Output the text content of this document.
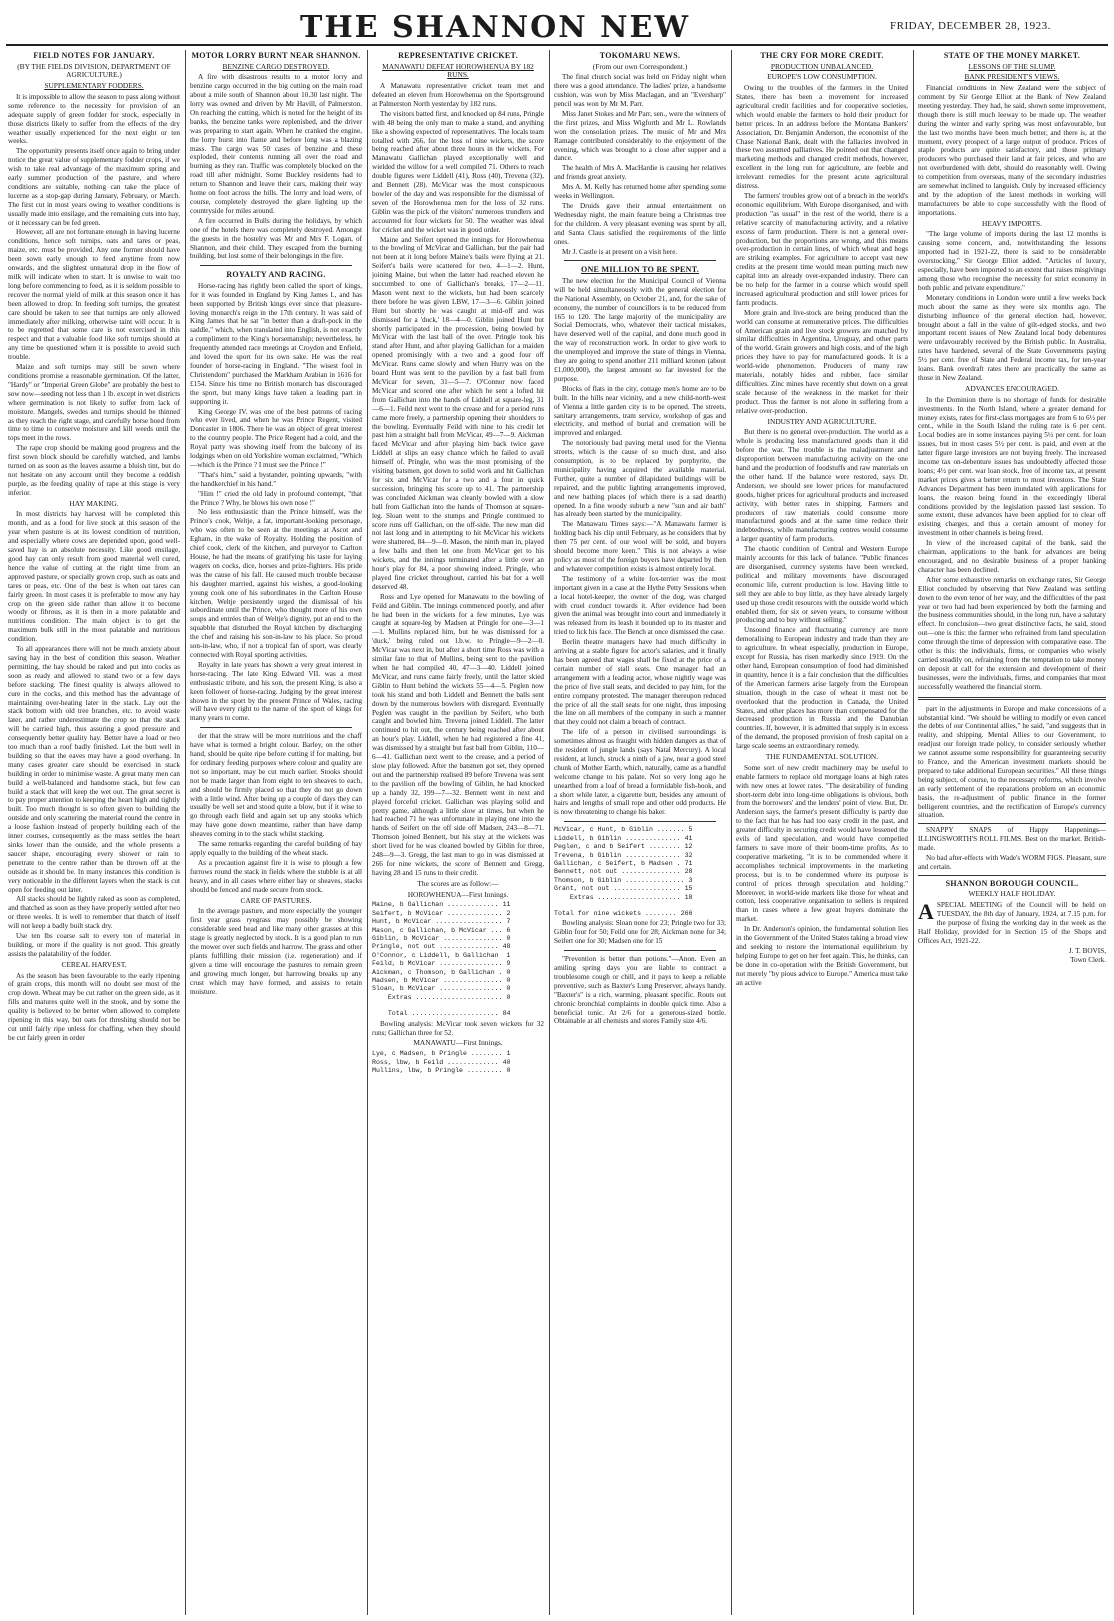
THE SHANNON NEW	FRIDAY, DECEMBER 28, 1923.
FIELD NOTES FOR JANUARY.
(BY THE FIELDS DIVISION, DEPARTMENT OF AGRICULTURE.)
SUPPLEMENTARY FODDERS.

It is impossible to allow the season to pass along without some reference to the necessity for provision of an adequate supply of green fodder for stock, especially in those districts likely to suffer from the effects of the dry weather usually experienced for the next eight or ten weeks.

The opportunity presents itself once again to bring under notice the great value of supplementary fodder crops, if we wish to take real advantage of the maximum spring and early summer production of the pasture, and where conditions are suitable, nothing can take the place of lucerne as a stop-gap during January, February, or March. The first cut in most years owing to weather conditions is usually made into ensilage, and the remaining cuts into hay, or it necessary can be fed green.

However, all are not fortunate enough in having lucerne conditions, hence soft turnips, oats and tares or peas, maize, etc. must be provided. Any one former should have been sown early enough to feed anytime from now onwards, and the slightest unnatural drop in the flow of milk will indicate when to start. It is unwise to wait too long before commencing to feed, as it is seldom possible to recover the normal yield of milk at this season once it has been allowed to drop. In feeding soft turnips, the greatest care should be taken to see that turnips are only allowed immediately after milking, otherwise taint will occur. It is to be regretted that some care is not exercised in this respect and that a valuable food like soft turnips should at any time be questioned when it is possible to avoid such trouble.

Maize and soft turnips may still be sown where conditions promise a reasonable germination. Of the latter, "Hardy" or "Imperial Green Globe" are probably the best to sow now—seeding not less than 1 lb. except in wet districts where germination is not likely to suffer from lack of moisture. Mangels, swedes and turnips should be thinned as they reach the right stage, and carefully horse hoed from time to time to conserve moisture and kill weeds until the tops meet in the rows.

The rape crop should be making good progress and the first sown block should be carefully watched, and lambs turned on as soon as the leaves assume a bluish tint, but do not hesitate on any account until they become a reddish purple, as the feeding quality of rape at this stage is very inferior.

HAY MAKING.

In most districts hay harvest will be completed this month, and as a food for live stock at this season of the year when pasture is at its lowest condition of nutrition, and especially where cows are depended upon, good well-saved hay is an absolute necessity. Like good ensilage, good hay can only result from good material well cured, hence the value of cutting at the right time from an approved pasture, or specially grown crop, such as oats and tares or peas, etc. One of the best is when oat tares can fairly green. In most cases it is preferable to mow any hay crop on the green side rather than allow it to become woody or fibrous, as it is then in a more palatable and nutritious condition. The main object is to get the maximum bulk still in the most palatable and nutritious condition.

To all appearances there will not be much anxiety about saving hay in the best of condition this season. Weather permitting, the hay should be raked and put into cocks as soon as ready and allowed to stand two or a few days before stacking. The finest quality is always allowed to cure in the cocks, and this method has the advantage of maintaining over-heating later in the stack. Lay out the stack bottom with old tree branches, etc. to avoid waste later, and rather underestimate the crop so that the stack will be carried high, thus assuring a good pressure and consequently better quality hay. Better have a load or two too much than a roof badly finished. Let the butt well in building so that the eaves may have a good overhang. In many cases greater care should be exercised in stack building in order to minimise waste. A great many men can build a well-balanced and handsome stack, but few can build a stack that will keep the wet out. The great secret is to pay proper attention to keeping the heart high and tightly built. Too much thought is so often given to building the outside and only scattering the material round the centre in a loose fashion instead of properly building each of the inner courses, consequently as the mass settles the heart sinks lower than the outside, and the whole presents a saucer shape, encouraging every shower or rain to penetrate to the centre rather than be thrown off at the outside as it should be. In many instances this condition is very noticeable in the different layers when the stack is cut open for feeding out later.

All stacks should be lightly raked as soon as completed, and thatched as soon as they have properly settled after two or three weeks. It is well to remember that thatch of itself will not keep a badly built stack dry.

Use ten lbs coarse salt to every ton of material in building, or more if the quality is not good. This greatly assists the palatability of the fodder.

CEREAL HARVEST.

As the season has been favourable to the early ripening of grain crops, this month will no doubt see most of the crop down. Wheat may be cut rather on the green side, as it fills and matures quite well in the stook, and by some the quality is believed to be better when allowed to complete ripening in this way, but oats for threshing should not be cut until fairly ripe unless for chaffing, when they should be cut fairly green in order

MOTOR LORRY BURNT NEAR SHANNON.
BENZINE CARGO DESTROYED.

A fire with disastrous results to a motor lorry and benzine cargo occurred in the big cutting on the main road about a mile south of Shannon about 10.30 last night. The lorry was owned and driven by Mr Havill, of Palmerston. On reaching the cutting, which is noted for the height of its banks, the benzine tanks were replenished, and the driver was preparing to start again. When he cranked the engine, the lorry burst into flame and before long was a blazing mass. The cargo was 50 cases of benzine and these exploded, their contents running all over the road and burning as they ran. Traffic was completely blocked on the road till after midnight. Some Buckley residents had to return to Shannon and leave their cars, making their way home on foot across the hills. The lorry and load were, of course, completely destroyed the glare lighting up the countryside for miles around.

A fire occurred in Bulls during the holidays, by which one of the hotels there was completely destroyed. Amongst the guests in the hostelry was Mr and Mrs F. Logan, of Shannon, and their child. They escaped from the burning building, but lost some of their belongings in the fire.

ROYALTY AND RACING.

Horse-racing has rightly been called the sport of kings, for it was founded in England by King James I., and has been supported by British kings ever since that pleasure-loving monarch's reign in the 17th century. It was said of King James that he sat "in better than a draft-pock in the saddle," which, when translated into English, is not exactly a compliment to the King's horsemanship; nevertheless, he frequently attended race meetings at Croydon and Enfield, and loved the sport for its own sake. He was the real founder of horse-racing in England. "The wisest fool in Christendom" purchased the Markham Arabian in 1616 for £154. Since his time no British monarch has discouraged the sport, but many kings have taken a leading part in supporting it.

King George IV. was one of the best patrons of racing who ever lived, and when he was Prince Regent, visited Doncaster in 1806. There he was an object of great interest to the country people. The Price Regent had a cold, and the Royal party was showing itself from the balcony of its lodgings when on old Yorkshire woman exclaimed, "Which—which is the Prince ? I must see the Prince !"

"That's him," said a bystander, pointing upwards, "with the handkerchief in his hand."

"Him !" cried the old lady in profound contempt, "that the Prince ? Why, he blows his own nose !"

No less enthusiastic than the Prince himself, was the Prince's cook, Weltje, a fat, important-looking personage, who was often to be seen at the meetings at Ascot and Egham, in the wake of Royalty. Holding the position of chief cook, clerk of the kitchen, and purveyor to Carlton House, he had the means of gratifying his taste for laying wagers on cocks, dice, horses and prize-fighters. His pride was the cause of his fall. He caused much trouble because his daughter married, against his wishes, a good-looking young cook one of his subordinates in the Carlton House kitchen. Weltje persistently urged the dismissal of his subordinate until the Prince, who thought more of his own soups and entrées than of Weltje's dignity, put an end to the squabble that disturbed the Royal kitchen by discharging the chef and raising his son-in-law to his place. So proud son-in-law, who, if not a tropical fan of sport, was clearly connected with Royal sporting activities.

Royalty in late years has shown a very great interest in horse-racing. The late King Edward VII. was a most enthusiastic tribute, and his son, the present King, is also a keen follower of horse-racing. Judging by the great interest shown in the sport by the present Prince of Wales, racing will have every right to the name of the sport of kings for many years to come.

der that the straw will be more nutritious and the chaff have what is termed a bright colour. Barley, on the other hand, should be quite ripe before cutting if for malting, but for ordinary feeding purposes where colour and quality are not so important, may be cut much earlier. Stooks should not be made larger than from eight to ten sheaves to each, and should be firmly placed so that they do not go down with a little wind. After being up a couple of days they can usually be well set and stood quite a blow, but if it wise to go through each field and again set up any stooks which may have gone down meantime, rather than have damp sheaves coming in to the stack whilst stacking.

The same remarks regarding the careful building of hay apply equally to the building of the wheat stack.

As a precaution against fire it is wise to plough a few furrows round the stack in fields where the stubble is at all heavy, and in all cases where either hay or sheaves, stacks should be fenced and made secure from stock.

CARE OF PASTURES.

In the average pasture, and more especially the younger first year grass ryegrass may possibly be showing considerable seed head and like many other grasses at this stage is greatly neglected by stock. It is a good plan to run the mower over such fields and harrow. The grass and other plants fulfilling their mission (i.e. regeneration) and if given a time will encourage the pastures to remain green and growing much longer, but harrowing breaks up any crust which may have formed, and assists to retain moisture.

REPRESENTATIVE CRICKET.
MANAWATU DEFEAT HOROWHENUA BY 182 RUNS.

A Manawatu representative cricket team met and defeated an eleven from Horowhenua on the Sportsground at Palmerston North yesterday by 182 runs.

The visitors batted first, and knocked up 84 runs, Pringle with 48 being the only man to make a stand, and anything like a showing expected of representatives. The locals team totalled with 266, for the loss of nine wickets, the score being reached after about three hours in the wickets. For Manawatu Gallichan played exceptionally well and wielded the willow for a well compiled 71. Others to reach double figures were Liddell (41), Ross (40), Trevena (32), and Bennett (28). McVicar was the most conspicuous bowler of the day and was responsible for the dismissal of seven of the Horowhenua men for the loss of 32 runs. Giblin was the pick of the visitors' numerous trundlers and accounted for four wickets for 50. The weather was ideal for cricket and the wicket was in good order.

Maine and Seifert opened the innings for Horowhenua to the bowling of McVicar and Gallichan, but the pair had not been at it long before Maine's bails were flying at 21. Seifert's bails were scattered for two. 4—1—2. Hunt, joining Maine, but when the latter had reached eleven he succumbed to one of Gallichan's breaks, 17—2—11. Mason went next to the wickets, but had been scarcely there before he was given LBW, 17—3—6. Giblin joined Hunt but shortly he was caught at mid-off and was dismissed for a 'duck,' 18—4—0. Giblin joined Hunt but shortly participated in the procession, being bowled by McVicar with the last ball of the over. Pringle took his stand after Hunt, and after playing Gallichan for a maiden opened promisingly with a two and a good four off McVicar. Runs came slowly and when Hurry was on the board Hunt was sent to the pavilion by a fast ball from McVicar for seven, 31—5—7. O'Connor now faced McVicar and scored one after which he sent a lofted hit from Gallichan into the hands of Liddell at square-leg, 31—6—1. Feild next went to the crease and for a period runs came more freely, a partnership opening their shoulders to the bowling. Eventually Feild with nine to his credit let past him a straight ball from McVicar, 49—7—9. Aickman faced McVicar and after playing him back twice gave Liddell at slips an easy chance which he failed to avail himself of. Pringle, who was the most promising of the visiting batsmen, got down to solid work and hit Gallichan for six and McVicar for a two and a four in quick succession, bringing his score up to 41. The partnership was concluded Aickman was cleanly bowled with a slow ball from Gallichan into the hands of Thomson at square-leg. Sloan went to the stumps and Pringle continued to score runs off Gallichan, on the off-side. The new man did not last long and in attempting to hit McVicar his wickets were shattered, 84—9—0. Mason, the ninth man in, played a few balls and then let one from McVicar get to his wickets, and the innings terminated after a little over an hour's play for 84, a poor showing indeed. Pringle, who played fine cricket throughout, carried his bat for a well deserved 48.

Ross and Lye opened for Manawatu to the bowling of Feild and Giblin. The innings commenced poorly, and after he had been in the wickets for a few minutes, Lye was caught at square-leg by Madsen at Pringle for one—3—1—1. Mullins replaced him, but he was dismissed for a 'duck,' being ruled out l.b.w. to Pringle—9—2—0. McVicar was next in, but after a short time Ross was with a similar fate to that of Mullins, being sent to the pavilion when he had compiled 40, 47—3—40. Liddell joined McVicar, and runs came fairly freely, until the latter skied Giblin to Hunt behind the wickets 55—4—5. Peglen now took his stand and both Liddell and Bennett the balls sent down by the numerous bowlers with disregard. Eventually Peglen was caught in the pavilion by Seifert, who both caught and bowled him. Trevena joined Liddell. The latter continued to hit out, the century being reached after about an hour's play. Liddell, when he had registered a fine 41, was dismissed by a straight but fast ball from Giblin, 110—6—41. Gallichan next went to the crease, and a period of slow play followed. After the batsmen got set, they opened out and the partnership realised 89 before Trevena was sent to the pavilion off the bowling of Giblin, he had knocked up a handy 32, 199—7—32. Bennett went in next and played forceful cricket. Gallichan was playing solid and pretty game, although a little slow at times, but when he had reached 71 he was unfortunate in playing one into the hands of Seifert on the off side off Madsen, 243—8—71. Thomson joined Bennett, but his stay at the wickets was short lived for he was cleaned bowled by Giblin for three, 248—9—3. Gregg, the last man to go in was dismissed at 266 for nine wickets, the score of Bennett and Gregg, having 28 and 15 runs to their credit.

The scores are as follow:—
HOROWHENUA—First Innings.
Maine, b Gallichan ............. 11
Seifert, b McVicar .............. 2
Hunt, b McVicar ................. 7
Mason, c Gallichan, b McVicar ... 6
Giblin, b McVicar ............... 0
Pringle, not out ............... 48
O'Connor, c Liddell, b Gallichan  1
Feild, b McVicar ................ 9
Aickman, c Thomson, b Gallichan . 0
Madsen, b McVicar ............... 0
Sloan, b McVicar ................ 0
Extras ...................... 0
Total ...................... 84

Bowling analysis: McVicar took seven wickets for 32 runs; Gallichan three for 52.

MANAWATU—First Innings.
Lye, c Madsen, b Pringle ........ 1
Ross, lbw, b Feild ............. 40
Mullins, lbw, b Pringle ......... 0
TOKOMARU NEWS.
(From our own Correspondent.)

The final church social was held on Friday night when there was a good attendance. The ladies' prize, a handsome cushion, was won by Miss Maclagan, and an "Eversharp" pencil was won by Mr M. Parr.

Miss Janet Stokes and Mr Parr, sen., were the winners of the first prizes, and Miss Wigforth and Mr L. Rowlands won the consolation prizes. The music of Mr and Mrs Ramage contributed considerably to the enjoyment of the evening, which was brought to a close after supper and a dance.

The health of Mrs A. MacHardie is causing her relatives and friends great anxiety.

Mrs A. M. Kelly has returned home after spending some weeks in Wellington.

The Druids gave their annual entertainment on Wednesday night, the main feature being a Christmas tree for the children. A very pleasant evening was spent by all, and Santa Claus satisfied the requirements of the little ones.

Mr J. Castle is at present on a visit here.

ONE MILLION TO BE SPENT.

The new election for the Municipal Council of Vienna will be held simultaneously with the general election for the National Assembly, on October 21, and, for the sake of economy, the number of councillors is to be reduced from 165 to 120. The large majority of the municipality are Social Democrats, who, whatever their tactical mistakes, have deserved well of the capital, and done much good in the way of reconstruction work. In order to give work to the unemployed and improve the state of things in Vienna, they are going to spend another 211 milliard kronen (about £1,000,000), the largest amount so far invested for the purpose.

Blocks of flats in the city, cottage men's home are to be built. In the hills near vicinity, and a new child-north-west of Vienna a little garden city is to be opened. The streets, sanitary arrangements, tram service, workshop of gas and electricity, and method of burial and cremation will be improved and enlarged.

The notoriously bad paving metal used for the Vienna streets, which is the cause of so much dust, and also consumption, is to be replaced by porphyrite, the municipality having acquired the available material. Further, quite a number of dilapidated buildings will be repaired, and the public lighting arrangements improved, and new bathing places (of which there is a sad dearth) opened. In a fine woody suburb a new "sun and air bath" has already been started by the municipality.

The Manawatu Times says:—"A Manawatu farmer is holding back his clip until February, as he considers that by then 75 per cent. of our wool will be sold, and buyers should become more keen." This is not always a wise policy as most of the foreign buyers have departed by then and whatever competition exists is almost entirely local.

The testimony of a white fox-terrier was the most important given in a case at the Hythe Petty Sessions when a local hotel-keeper, the owner of the dog, was charged with cruel conduct towards it. After evidence had been given the animal was brought into court and immediately it was released from its leash it bounded up to its master and tried to lick his face. The Bench at once dismissed the case.

Berlin theatre managers have had much difficulty in arriving at a stable figure for actor's salaries, and it finally has been agreed that wages shall be fixed at the price of a certain number of stall seats. One manager had an arrangement with a leading actor, whose nightly wage was the price of five stall seats, and decided to pay him, for the entire company protested. The manager thereupon reduced the price of all the stall seats for one night, thus imposing the line on all members of the company in such a manner that they could not claim a breach of contract.

The life of a person in civilised surroundings is sometimes almost as fraught with hidden dangers as that of the resident of jungle lands (says Natal Mercury). A local resident, at lunch, struck a ninth of a jaw, near a good steel chunk of Mother Earth, which, naturally, came as a handful welcome change to his palate. Not so very long ago he unearthed from a loaf of bread a formidable fish-hook, and a short while later, a cigarette butt, besides any amount of hairs and lengths of small rope and other odd products. He is now threatening to change his baker.

McVicar, c Hunt, b Giblin ....... 5
Liddell, b Giblin .............. 41
Peglen, c and b Seifert ........ 12
Trevena, b Giblin .............. 32
Gallichan, c Seifert, b Madsen . 71
Bennett, not out ............... 28
Thomson, b Giblin ............... 3
Grant, not out ................. 15
Extras ..................... 18
Total for nine wickets ........ 266

Bowling analysis: Sloan none for 23; Pringle two for 33; Giblin four for 50; Feild one for 28; Aickman none for 34; Seifert one for 30; Madsen one for 15

"Prevention is better than potions."—Anon. Even an amiling spring days you are liable to contract a troublesome cough or chill, and it pays to keep a reliable preventive, such as Baxter's Lung Preserver, always handy. "Baxter's" is a rich, warming, pleasant specific. Routs out chronic bronchial complaints in double quick time. Also a beneficial tonic. At 2/6 for a generous-sized bottle. Obtainable at all chemists and stores Family size 4/6.

THE CRY FOR MORE CREDIT.
PRODUCTION UNBALANCED.
EUROPE'S LOW CONSUMPTION.

Owing to the troubles of the farmers in the United States, there has been a movement for increased agricultural credit facilities and for cooperative societies, which would enable the farmers to hold their product for better prices. In an address before the Montana Bankers' Association, Dr. Benjamin Anderson, the economist of the Chase National Bank, dealt with the fallacies involved in these two assumed palliatives. He pointed out that changed marketing methods and changed credit methods, however, excellent in the long run for agriculture, are feeble and irrelevant remedies for the present acute agricultural distress.

The farmers' troubles grow out of a breach in the world's economic equilibrium. With Europe disorganised, and with production "as usual" in the rest of the world, there is a relative scarcity of manufacturing activity, and a relative excess of farm production. There is not a general over-production, but the proportions are wrong, and this means over-production in certain lines, of which wheat and hogs are striking examples. For agriculture to accept vast new credits at the present time would mean putting much new capital into an already over-expanded industry. There can be no help for the farmer in a course which would spell increased agricultural production and still lower prices for farm products.

More grain and live-stock are being produced than the world can consume at remunerative prices. The difficulties of American grain and live stock growers are matched by similar difficulties in Argentina, Uruguay, and other parts of the world. Grain growers and high costs, and of the high prices they have to pay for manufactured goods. It is a world-wide phenomenon. Producers of many raw materials, notably hides and rubber, face similar difficulties. Zinc mines have recently shut down on a great scale because of the weakness in the market for their product. Thus the farmer is not alone in suffering from a relative over-production.

INDUSTRY AND AGRICULTURE.

But there is no general over-production. The world as a whole is producing less manufactured goods than it did before the war. The trouble is the maladjustment and disproportion between manufacturing activity on the one hand and the production of foodstuffs and raw materials on the other hand. If the balance were restored, says Dr. Anderson, we should see lower prices for manufactured goods, higher prices for agricultural products and increased activity, with better rates in shipping. Farmers and producers of raw materials could consume more manufactured goods and at the same time reduce their indebtedness, while manufacturing centres would consume a larger quantity of farm products.

The chaotic condition of Central and Western Europe mainly accounts for this lack of balance. "Public finances are disorganised, currency systems have been wrecked, political and military movements have discouraged economic life, current production is low. Having little to sell they are able to buy little, as they have already largely used up those credit resources with the outside world which enabled them, for six or seven years, to consume without producing and to buy without selling."

Unsound finance and fluctuating currency are more demoralising to European industry and trade than they are to agriculture. In wheat especially, production in Europe, except for Russia, has risen markedly since 1919. On the other hand, European consumption of food had diminished in quantity, hence it is a fair conclusion that the difficulties of the American farmers arise largely from the European situation, though in the case of wheat it must not be overlooked that the production in Canada, the United States, and other places has more than compensated for the decreased production in Russia and the Danubian countries. If, however, it is admitted that supply is in excess of the demand, the proposed provision of fresh capital on a large scale seems an extraordinary remedy.

THE FUNDAMENTAL SOLUTION.

Some sort of new credit machinery may be useful to enable farmers to replace old mortgage loans at high rates with new ones at lower rates. "The desirability of funding short-term debt into long-time obligations is obvious, both from the borrowers' and the lenders' point of view. But, Dr. Anderson says, the farmer's present difficulty is partly due to the fact that he has had too easy credit in the past, and greater difficulty in securing credit would have lessened the evils of land speculation, and would have compelled farmers to save more of their boom-time profits. As to cooperative marketing, "it is to be commended where it accomplishes technical improvements in the marketing process, but is to be condemned where its purpose is control of prices through speculation and holding." Moreover, in world-wide markets like those for wheat and cotton, less cooperative organisation to sellers is required than in cases where a few great buyers dominate the market.

In Dr. Anderson's opinion, the fundamental solution lies in the Government of the United States taking a broad view and seeking to restore the international equilibrium by helping Europe to get on her feet again. This, he thinks, can be done in co-operation with the British Government, but not merely "by pious advice to Europe." America must take an active

STATE OF THE MONEY MARKET.
LESSONS OF THE SLUMP.
BANK PRESIDENT'S VIEWS.

Financial conditions in New Zealand were the subject of comment by Sir George Elliot at the Bank of New Zealand meeting yesterday. They had, he said, shown some improvement, though there is still much leeway to be made up. The weather during the winter and early spring was most unfavourable, but the last two months have been much better, and there is, at the moment, every prospect of a large output of produce. Prices of staple products are quite satisfactory, and those primary producers who purchased their land at fair prices, and who are not overburdened with debt, should do reasonably well. Owing to competition from overseas, many of the secondary industries are somewhat inclined to languish. Only by increased efficiency and by the adoption of the latest methods in working will manufacturers be able to cope successfully with the flood of importations.

HEAVY IMPORTS.

"The large volume of imports during the last 12 months is causing some concern, and, notwithstanding the lessons imported had in 1921-22, there is said to be considerable overstocking," Sir George Elliot added. "Articles of luxury, especially, have been imported to an extent that raises misgivings among those who recognise the necessity for strict economy in both public and private expenditure."

Monetary conditions in London were until a few weeks back much about the same as they were six months ago. The disturbing influence of the general election had, however, brought about a fall in the value of gilt-edged stocks, and two important recent issues of New Zealand local body debentures were unfavourably received by the British public. In Australia, rates have hardened, several of the State Governments paying 5½ per cent. free of State and Federal income tax, for ten-year loans. Bank overdraft rates there are practically the same as those in New Zealand.

ADVANCES ENCOURAGED.

In the Dominion there is no shortage of funds for desirable investments. In the North Island, where a greater demand for money exists, rates for first-class mortgages are from 6 to 6½ per cent., while in the South Island the ruling rate is 6 per cent. Local bodies are in some instances paying 5½ per cent. for loan issues, but in most cases 5½ per cent. is paid, and even at the latter figure large investors are not buying freely. The increased income tax on-debenture issues has undoubtedly affected those loans; 4½ per cent. war loan stock, free of income tax, at present market prices gives a better return to most investors. The State Advances Department has been inundated with applications for loans, the reason being found in the exceedingly liberal conditions provided by the legislation passed last session. To some extent, these advances have been applied for to clear off existing charges, and thus a certain amount of money for investment in other channels is being freed.

In view of the increased capital of the bank, said the chairman, applications to the bank for advances are being encouraged, and no desirable business of a proper banking character has been declined.

After some exhaustive remarks on exchange rates, Sir George Elliot concluded by observing that New Zealand was settling down to the even tenor of her way, and the difficulties of the past year or two had had been experienced by both the farming and the business communities should, in the long run, have a salutary effect. In conclusion—two great distinctive facts, he said, stood out—one is this: the farmer who refrained from land speculation come through the time of depression with comparative ease. The other is this: the individuals, firms, or companies who wisely carried steadily on, refraining from the temptation to take money on deposit at call for the extension and development of their businesses, were the individuals, firms, and companies that most successfully weathered the financial storm.

part in the adjustments in Europe and make concessions of a substantial kind. "We should be willing to modify or even cancel the debts of our Continental allies," he said, "and suggests that in reality, and shipping. Mental Allies to our Government, to readjust our foreign trade policy, to consider seriously whether we cannot assume some responsibility for guaranteeing security to France, and the American investment markets should be prepared to take additional European securities." All these things being subject, of course, to the necessary reforms, which involve an early settlement of the reparations problem on an economic basis, the re-adjustment of public finance in the former belligerent countries, and the rectification of Europe's currency situation.

SNAPPY SNAPS of Happy Happenings—ILLINGSWORTH'S ROLL FILMS. Best on the market. British-made.

No bad after-effects with Wade's WORM FIGS. Pleasant, sure and certain.

SHANNON BOROUGH COUNCIL.
WEEKLY HALF HOLIDAY.
A SPECIAL MEETING of the Council will be held on TUESDAY, the 8th day of January, 1924, at 7.15 p.m. for the purpose of fixing the working day in the week as the Half Holiday, provided for in Section 15 of the Shops and Offices Act, 1921-22.

J. T. BOVIS,
Town Clerk.
